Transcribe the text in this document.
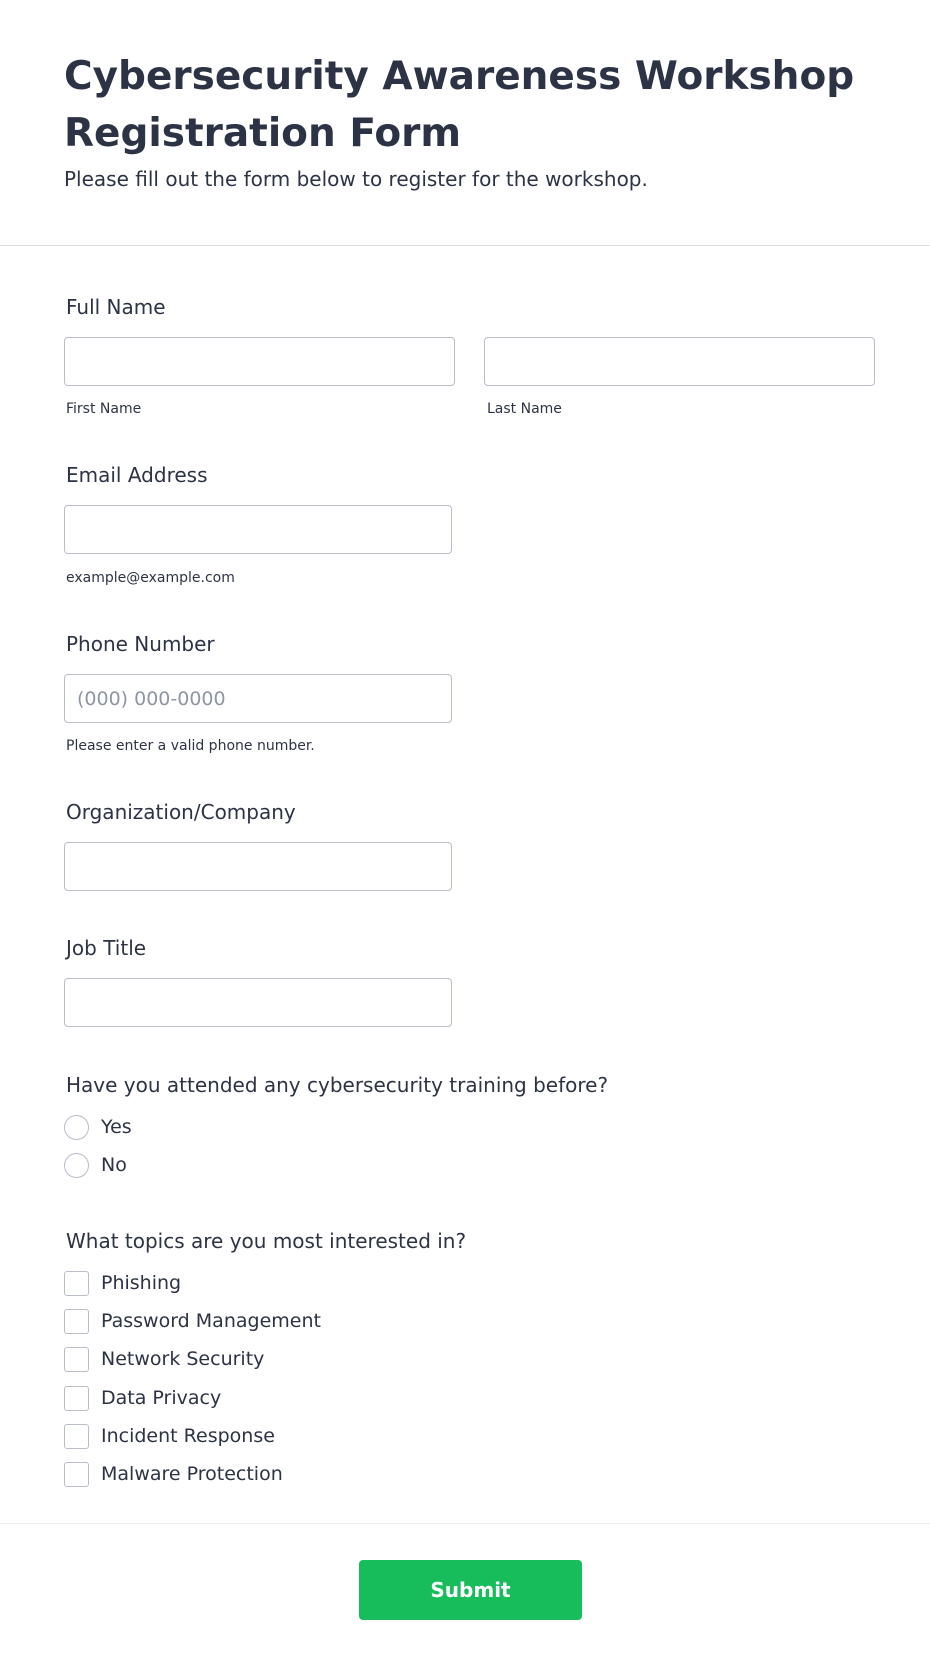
Cybersecurity Awareness Workshop Registration Form
Please fill out the form below to register for the workshop.
Full Name
First Name	Last Name
Email Address
example@example.com
Phone Number
(000) 000-0000
Please enter a valid phone number.
Organization/Company
Job Title
Have you attended any cybersecurity training before?
Yes
No
What topics are you most interested in?
Phishing
Password Management
Network Security
Data Privacy
Incident Response
Malware Protection
Submit
